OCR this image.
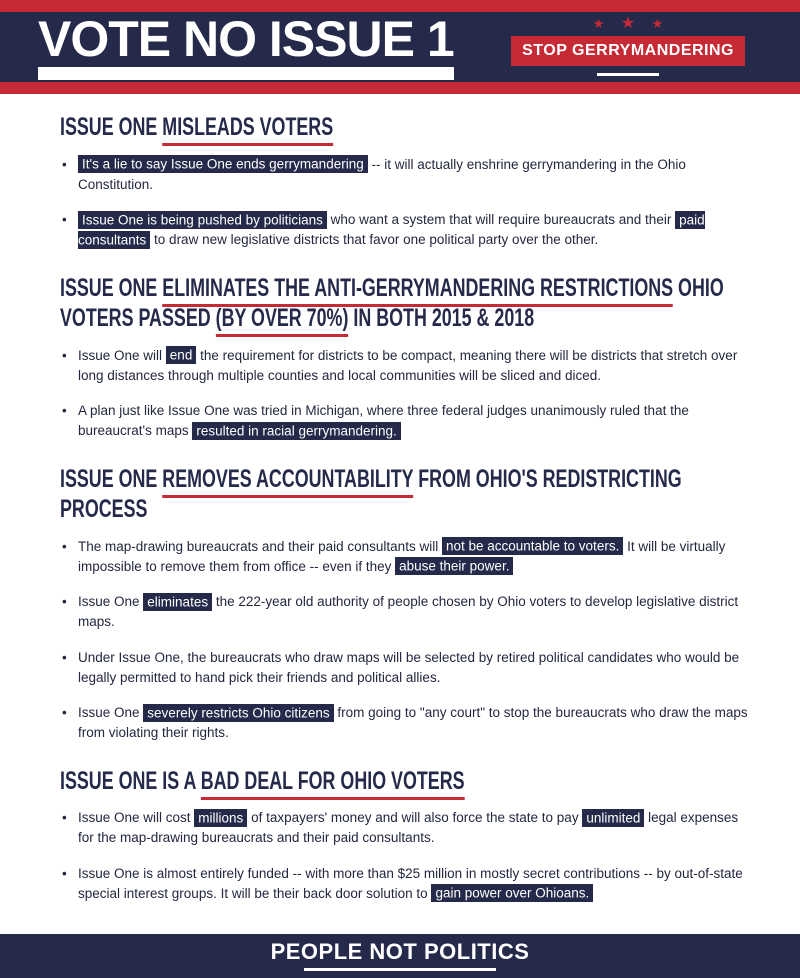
VOTE NO ISSUE 1	★ ★ ★
STOP GERRYMANDERING
ISSUE ONE MISLEADS VOTERS
• It's a lie to say Issue One ends gerrymandering -- it will actually enshrine gerrymandering in the Ohio Constitution.
• Issue One is being pushed by politicians who want a system that will require bureaucrats and their paid consultants to draw new legislative districts that favor one political party over the other.
ISSUE ONE ELIMINATES THE ANTI-GERRYMANDERING RESTRICTIONS OHIO VOTERS PASSED (BY OVER 70%) IN BOTH 2015 & 2018
• Issue One will end the requirement for districts to be compact, meaning there will be districts that stretch over long distances through multiple counties and local communities will be sliced and diced.
• A plan just like Issue One was tried in Michigan, where three federal judges unanimously ruled that the bureaucrat's maps resulted in racial gerrymandering.
ISSUE ONE REMOVES ACCOUNTABILITY FROM OHIO'S REDISTRICTING PROCESS
• The map-drawing bureaucrats and their paid consultants will not be accountable to voters. It will be virtually impossible to remove them from office -- even if they abuse their power.
• Issue One eliminates the 222-year old authority of people chosen by Ohio voters to develop legislative district maps.
• Under Issue One, the bureaucrats who draw maps will be selected by retired political candidates who would be legally permitted to hand pick their friends and political allies.
• Issue One severely restricts Ohio citizens from going to "any court" to stop the bureaucrats who draw the maps from violating their rights.
ISSUE ONE IS A BAD DEAL FOR OHIO VOTERS
• Issue One will cost millions of taxpayers' money and will also force the state to pay unlimited legal expenses for the map-drawing bureaucrats and their paid consultants.
• Issue One is almost entirely funded -- with more than $25 million in mostly secret contributions -- by out-of-state special interest groups. It will be their back door solution to gain power over Ohioans.
PEOPLE NOT POLITICS
